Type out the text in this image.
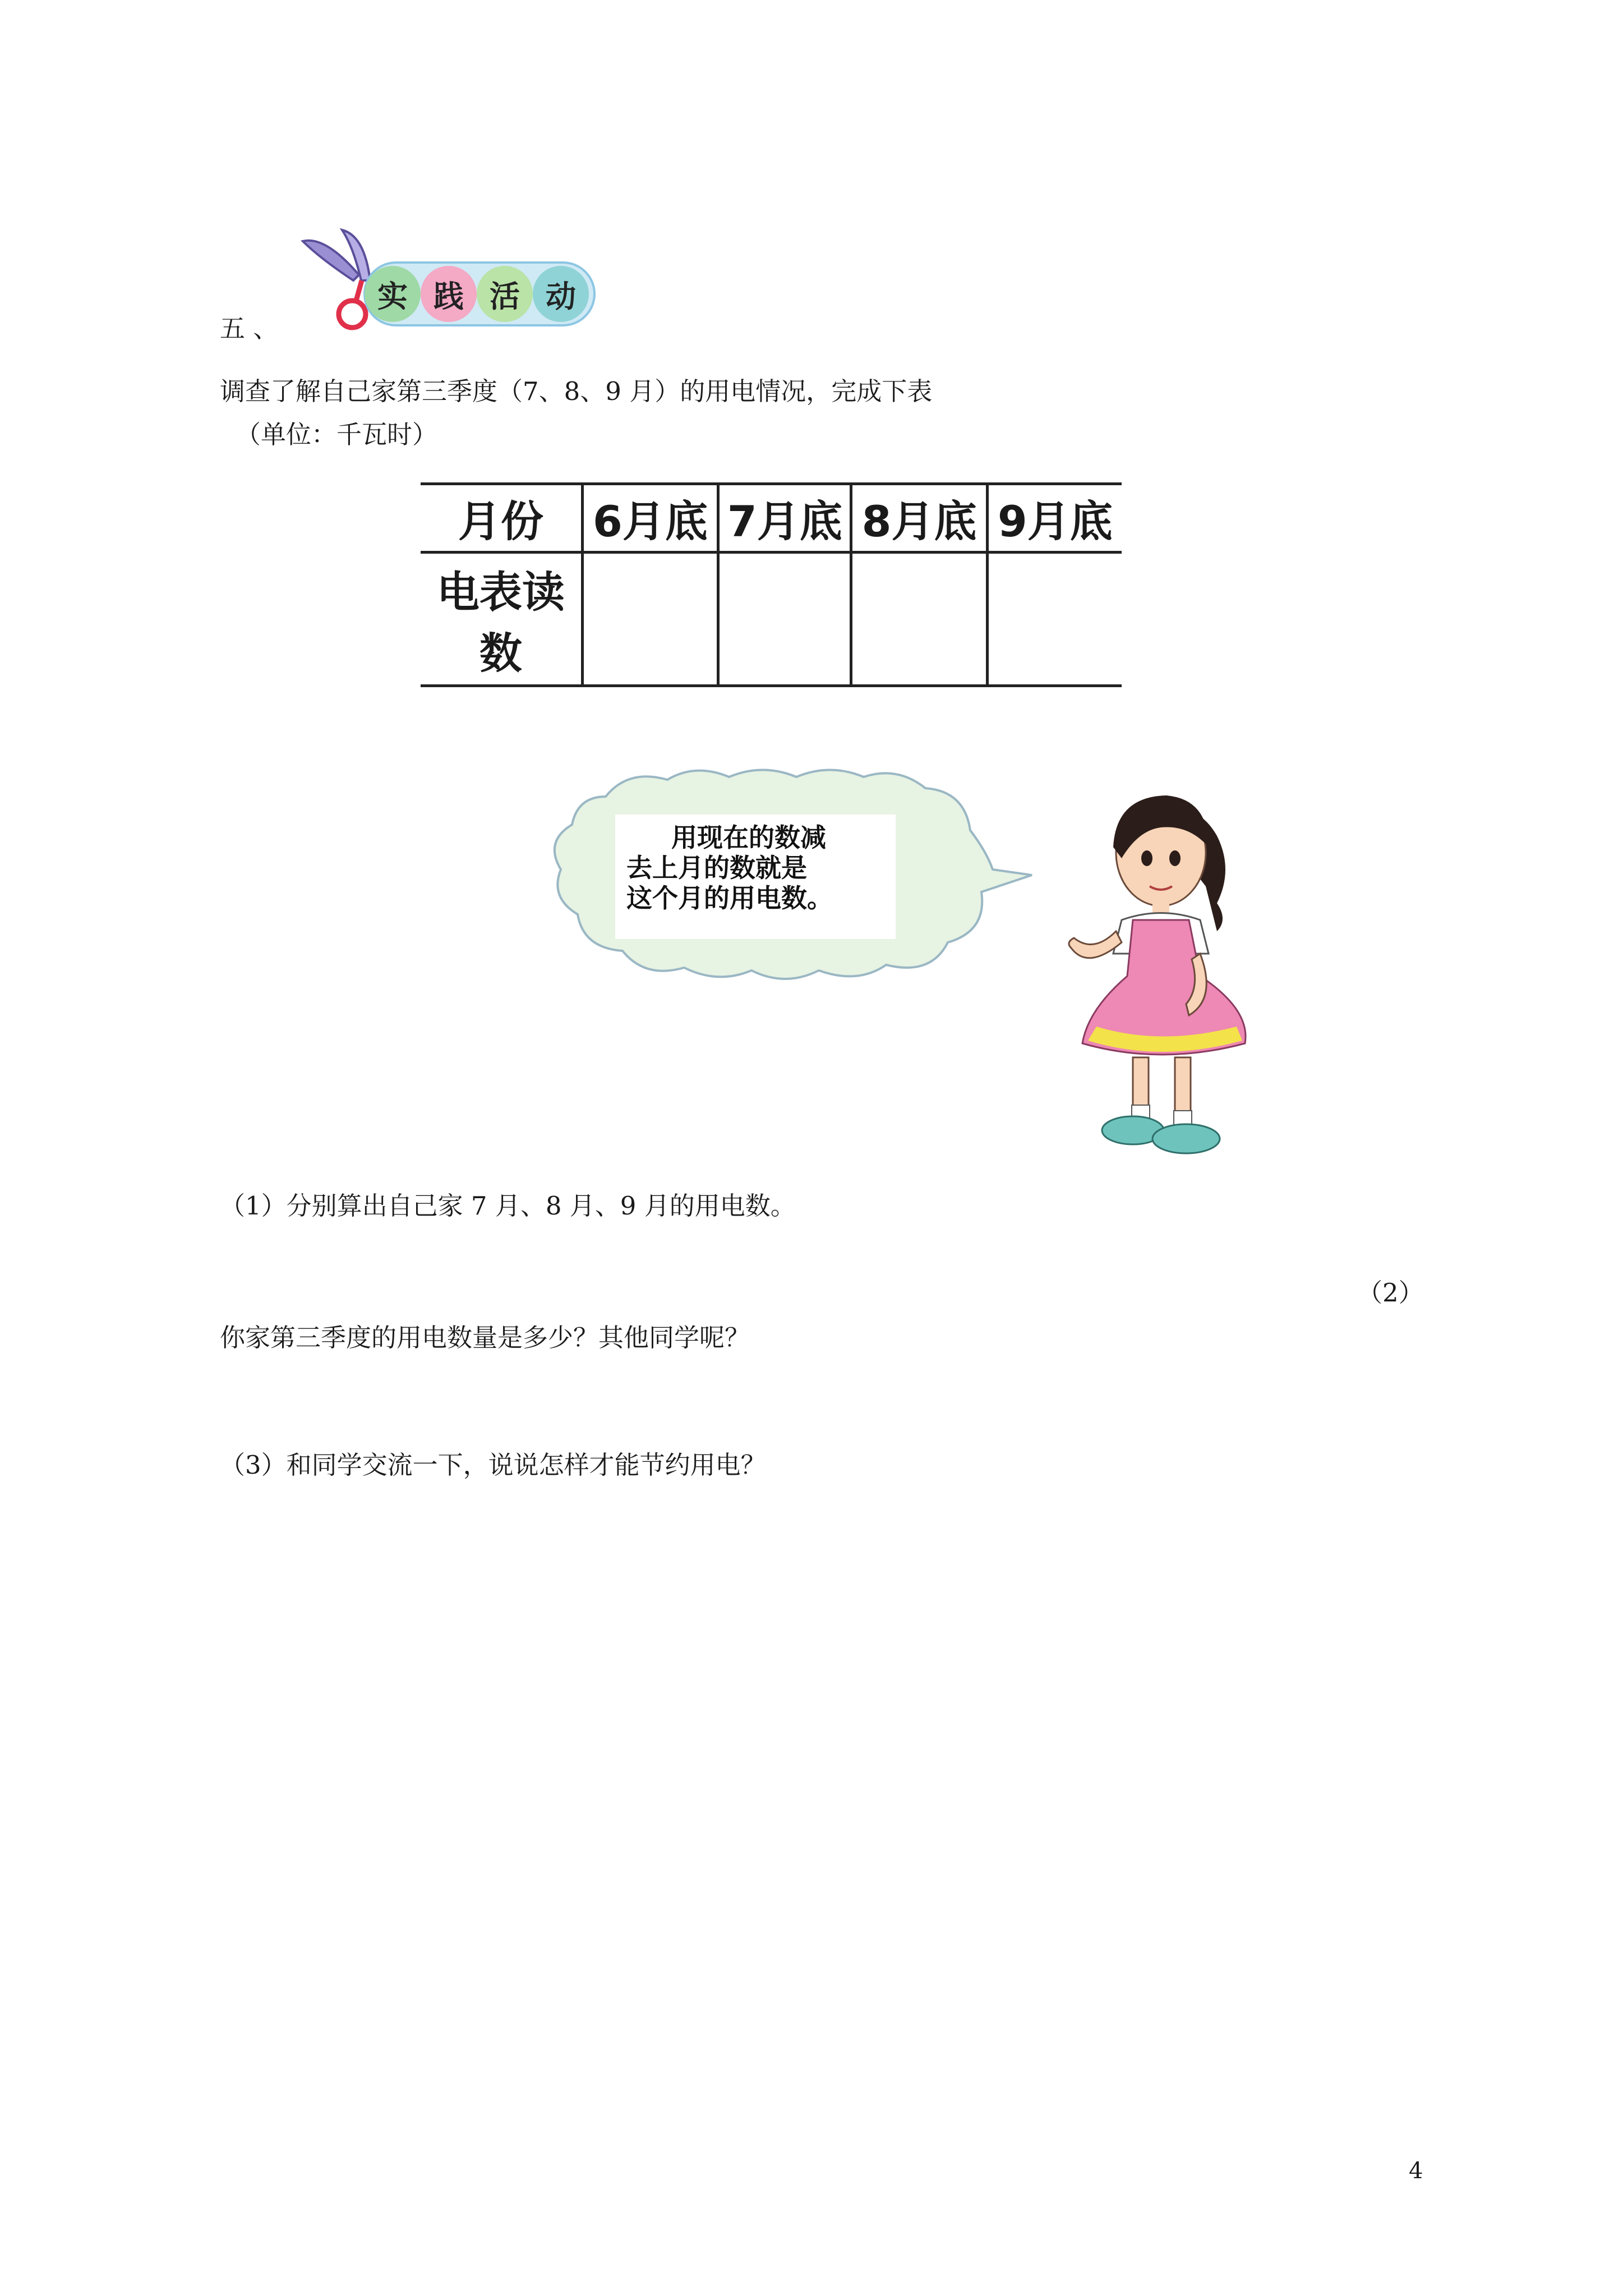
五 、
实 践 活 动
调查了解自己家第三季度（7、8、9 月）的用电情况，完成下表
（单位：千瓦时）
月份	6月底	7月底	8月底	9月底
电表读数				
用现在的数减
去上月的数就是
这个月的用电数。
（1）分别算出自己家 7 月、8 月、9 月的用电数。
（2）
你家第三季度的用电数量是多少？其他同学呢？
（3）和同学交流一下，说说怎样才能节约用电？
4
